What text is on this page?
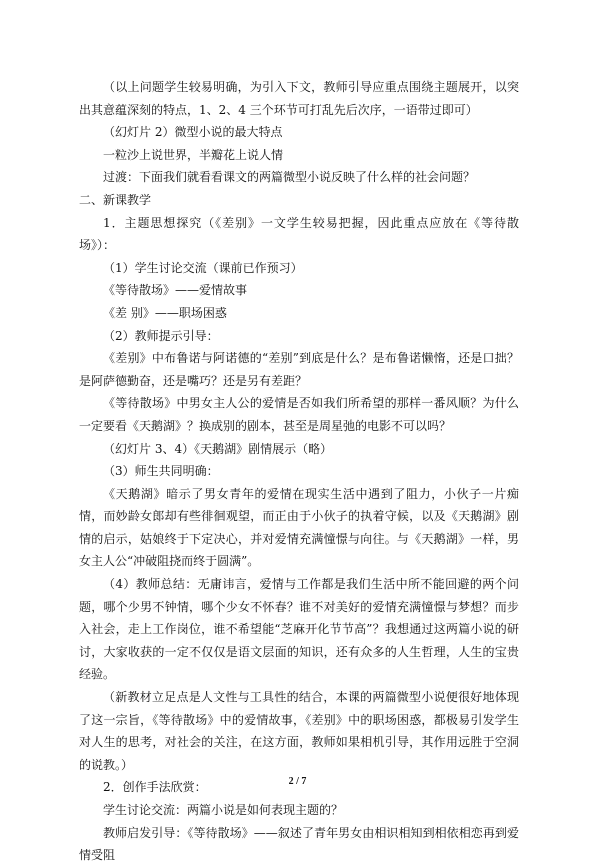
（以上问题学生较易明确，为引入下文，教师引导应重点围绕主题展开，以突出其意蕴深刻的特点，1、2、4 三个环节可打乱先后次序，一语带过即可）

（幻灯片 2）微型小说的最大特点

一粒沙上说世界，半瓣花上说人情

过渡：下面我们就看看课文的两篇微型小说反映了什么样的社会问题？

二、新课教学

1．主题思想探究（《差别》一文学生较易把握，因此重点应放在《等待散场》）：

（1）学生讨论交流（课前已作预习）

《等待散场》——爱情故事

《差 别》——职场困惑

（2）教师提示引导：

《差别》中布鲁诺与阿诺德的“差别”到底是什么？是布鲁诺懒惰，还是口拙？是阿萨德勤奋，还是嘴巧？还是另有差距？

《等待散场》中男女主人公的爱情是否如我们所希望的那样一番风顺？为什么一定要看《天鹅湖》？换成别的剧本，甚至是周星弛的电影不可以吗？

（幻灯片 3、4）《天鹅湖》剧情展示（略）

（3）师生共同明确：

《天鹅湖》暗示了男女青年的爱情在现实生活中遇到了阻力，小伙子一片痴情，而妙龄女郎却有些徘徊观望，而正由于小伙子的执着守候，以及《天鹅湖》剧情的启示，姑娘终于下定决心，并对爱情充满憧憬与向往。与《天鹅湖》一样，男女主人公“冲破阻挠而终于圆满”。

（4）教师总结：无庸讳言，爱情与工作都是我们生活中所不能回避的两个问题，哪个少男不钟情，哪个少女不怀春？谁不对美好的爱情充满憧憬与梦想？而步入社会，走上工作岗位，谁不希望能“芝麻开化节节高”？我想通过这两篇小说的研讨，大家收获的一定不仅仅是语文层面的知识，还有众多的人生哲理，人生的宝贵经验。

（新教材立足点是人文性与工具性的结合，本课的两篇微型小说便很好地体现了这一宗旨，《等待散场》中的爱情故事，《差别》中的职场困惑，都极易引发学生对人生的思考，对社会的关注，在这方面，教师如果相机引导，其作用远胜于空洞的说教。）

2．创作手法欣赏：

学生讨论交流：两篇小说是如何表现主题的？

教师启发引导：《等待散场》——叙述了青年男女由相识相知到相依相恋再到爱情受阻

2 / 7
